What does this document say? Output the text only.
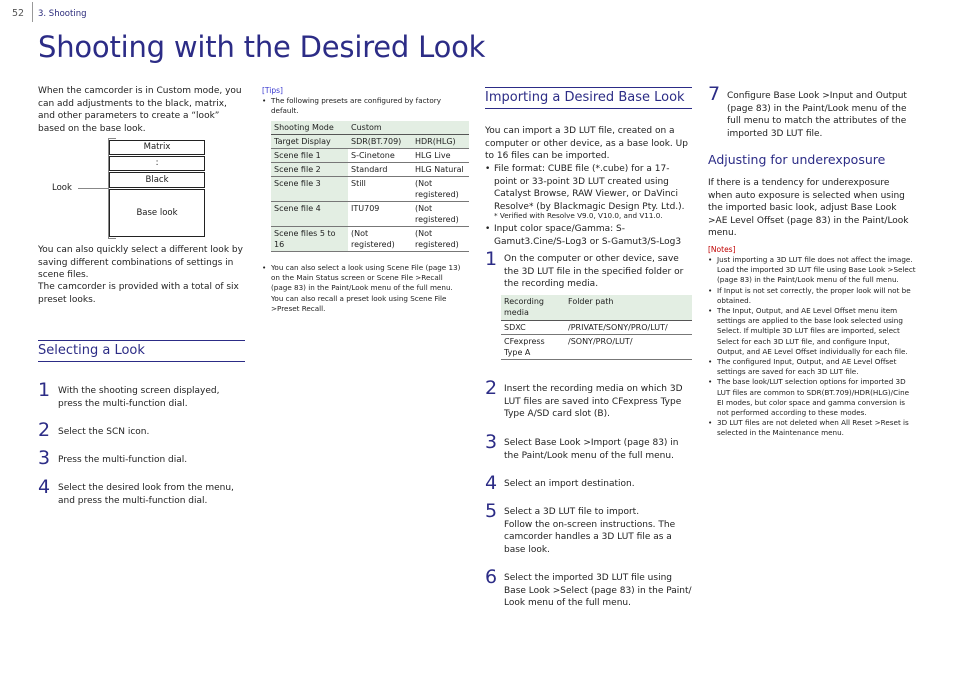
52 3. Shooting
Shooting with the Desired Look
When the camcorder is in Custom mode, you can add adjustments to the black, matrix, and other parameters to create a “look” based on the base look.
Look
Matrix
:
Black
Base look
You can also quickly select a different look by saving different combinations of settings in scene files.
The camcorder is provided with a total of six preset looks.
Selecting a Look
1 With the shooting screen displayed, press the multi-function dial.
2 Select the SCN icon.
3 Press the multi-function dial.
4 Select the desired look from the menu, and press the multi-function dial.
[Tips]
• The following presets are configured by factory default.
Shooting Mode	Custom	
Target Display	SDR(BT.709)	HDR(HLG)
Scene file 1	S-Cinetone	HLG Live
Scene file 2	Standard	HLG Natural
Scene file 3	Still	(Not registered)
Scene file 4	ITU709	(Not registered)
Scene files 5 to 16	(Not registered)	(Not registered)
• You can also select a look using Scene File (page 13) on the Main Status screen or Scene File >Recall (page 83) in the Paint/Look menu of the full menu. You can also recall a preset look using Scene File >Preset Recall.
Importing a Desired Base Look
You can import a 3D LUT file, created on a computer or other device, as a base look. Up to 16 files can be imported.
• File format: CUBE file (*.cube) for a 17-point or 33-point 3D LUT created using Catalyst Browse, RAW Viewer, or DaVinci Resolve* (by Blackmagic Design Pty. Ltd.).
* Verified with Resolve V9.0, V10.0, and V11.0.
• Input color space/Gamma: S-Gamut3.Cine/S-Log3 or S-Gamut3/S-Log3
1 On the computer or other device, save the 3D LUT file in the specified folder or the recording media.
Recording media	Folder path
SDXC	/PRIVATE/SONY/PRO/LUT/
CFexpress Type A	/SONY/PRO/LUT/
2 Insert the recording media on which 3D LUT files are saved into CFexpress Type Type A/SD card slot (B).
3 Select Base Look >Import (page 83) in the Paint/Look menu of the full menu.
4 Select an import destination.
5 Select a 3D LUT file to import.
Follow the on-screen instructions. The camcorder handles a 3D LUT file as a base look.
6 Select the imported 3D LUT file using Base Look >Select (page 83) in the Paint/ Look menu of the full menu.
7 Configure Base Look >Input and Output (page 83) in the Paint/Look menu of the full menu to match the attributes of the imported 3D LUT file.
Adjusting for underexposure
If there is a tendency for underexposure when auto exposure is selected when using the imported basic look, adjust Base Look >AE Level Offset (page 83) in the Paint/Look menu.
[Notes]
• Just importing a 3D LUT file does not affect the image. Load the imported 3D LUT file using Base Look >Select (page 83) in the Paint/Look menu of the full menu.
• If Input is not set correctly, the proper look will not be obtained.
• The Input, Output, and AE Level Offset menu item settings are applied to the base look selected using Select. If multiple 3D LUT files are imported, select Select for each 3D LUT file, and configure Input, Output, and AE Level Offset individually for each file.
• The configured Input, Output, and AE Level Offset settings are saved for each 3D LUT file.
• The base look/LUT selection options for imported 3D LUT files are common to SDR(BT.709)/HDR(HLG)/Cine EI modes, but color space and gamma conversion is not performed according to these modes.
• 3D LUT files are not deleted when All Reset >Reset is selected in the Maintenance menu.
